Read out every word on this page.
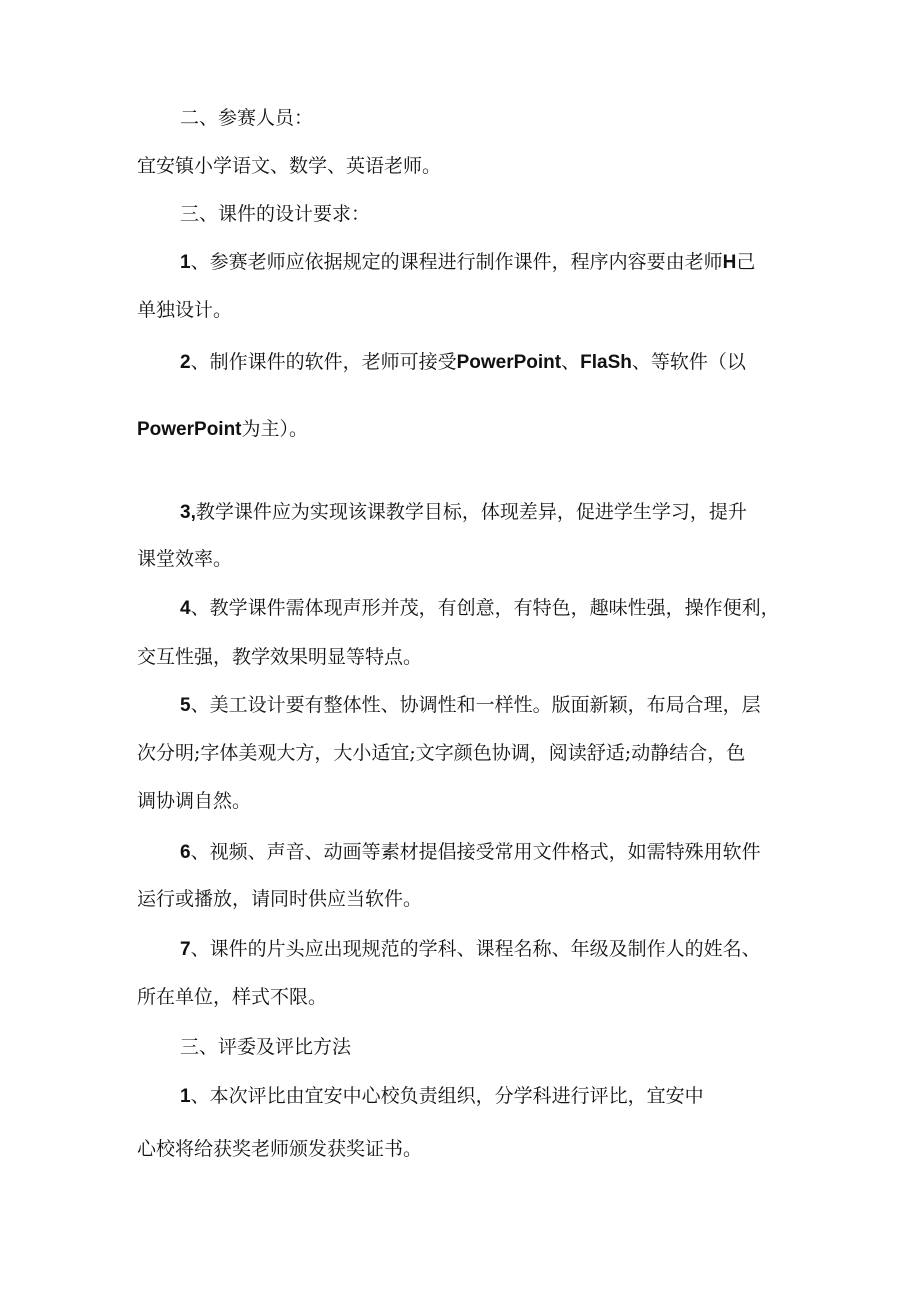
二、参赛人员：

宜安镇小学语文、数学、英语老师。

三、课件的设计要求：

1、参赛老师应依据规定的课程进行制作课件，程序内容要由老师H己

单独设计。

2、制作课件的软件，老师可接受PowerPoint、FlaSh、等软件（以

PowerPoint为主）。

3,教学课件应为实现该课教学目标，体现差异，促进学生学习，提升

课堂效率。

4、教学课件需体现声形并茂，有创意，有特色，趣味性强，操作便利，

交互性强，教学效果明显等特点。

5、美工设计要有整体性、协调性和一样性。版面新颖，布局合理，层

次分明;字体美观大方，大小适宜;文字颜色协调，阅读舒适;动静结合，色

调协调自然。

6、视频、声音、动画等素材提倡接受常用文件格式，如需特殊用软件

运行或播放，请同时供应当软件。

7、课件的片头应出现规范的学科、课程名称、年级及制作人的姓名、

所在单位，样式不限。

三、评委及评比方法

1、本次评比由宜安中心校负责组织，分学科进行评比，宜安中

心校将给获奖老师颁发获奖证书。
